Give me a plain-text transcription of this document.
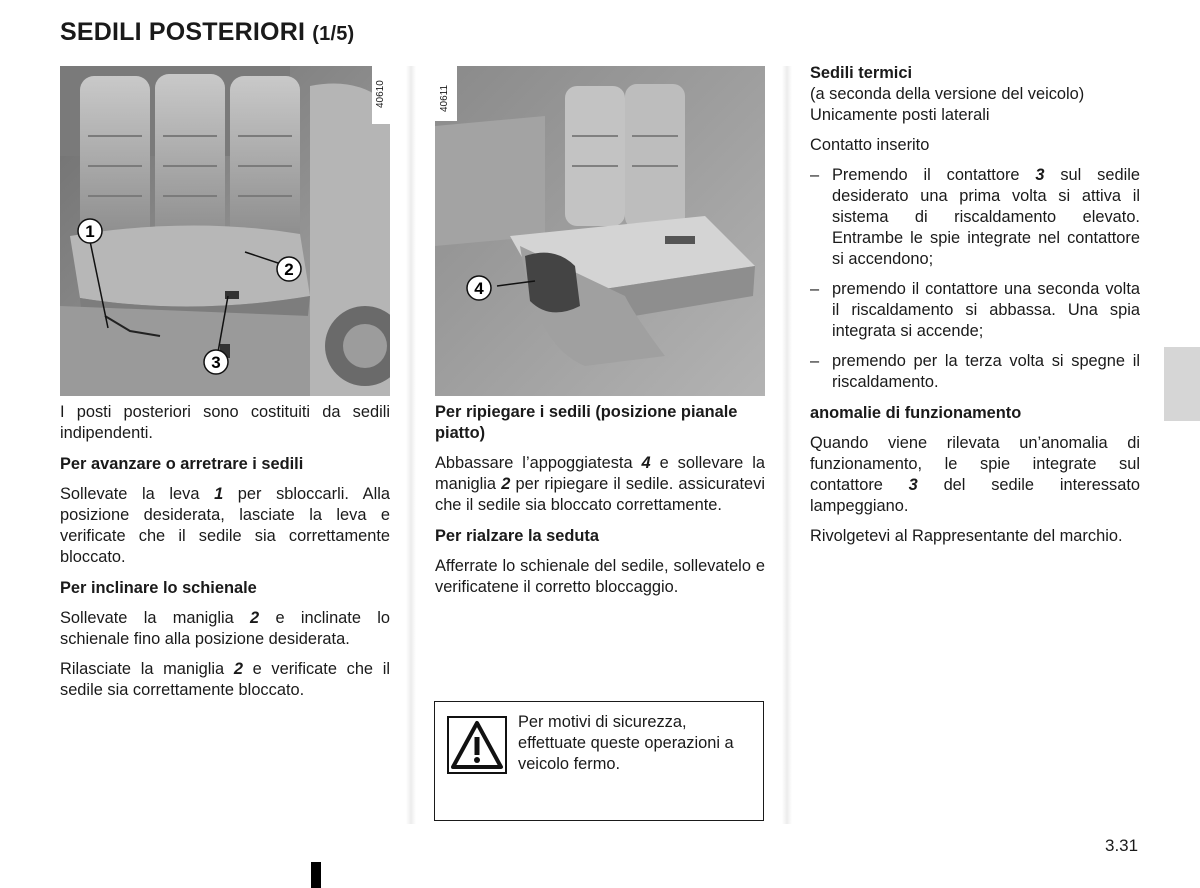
SEDILI POSTERIORI (1/5)
1
2
3
40610
4
40611

I posti posteriori sono costituiti da sedili indipendenti.

Per avanzare o arretrare i sedili

Sollevate la leva 1 per sbloccarli. Alla posizione desiderata, lasciate la leva e verificate che il sedile sia correttamente bloccato.

Per inclinare lo schienale

Sollevate la maniglia 2 e inclinate lo schienale fino alla posizione desiderata.

Rilasciate la maniglia 2 e verificate che il sedile sia correttamente bloccato.

Per ripiegare i sedili (posizione pianale piatto)

Abbassare l’appoggiatesta 4 e sollevare la maniglia 2 per ripiegare il sedile. assicuratevi che il sedile sia bloccato correttamente.

Per rialzare la seduta

Afferrate lo schienale del sedile, sollevatelo e verificatene il corretto bloccaggio.

Per motivi di sicurezza, effettuate queste operazioni a veicolo fermo.

Sedili termici

(a seconda della versione del veicolo)

Unicamente posti laterali

Contatto inserito

– Premendo il contattore 3 sul sedile desiderato una prima volta si attiva il sistema di riscaldamento elevato. Entrambe le spie integrate nel contattore si accendono;
– premendo il contattore una seconda volta il riscaldamento si abbassa. Una spia integrata si accende;
– premendo per la terza volta si spegne il riscaldamento.

anomalie di funzionamento

Quando viene rilevata un’anomalia di funzionamento, le spie integrate sul contattore 3 del sedile interessato lampeggiano.

Rivolgetevi al Rappresentante del marchio.

3.31
